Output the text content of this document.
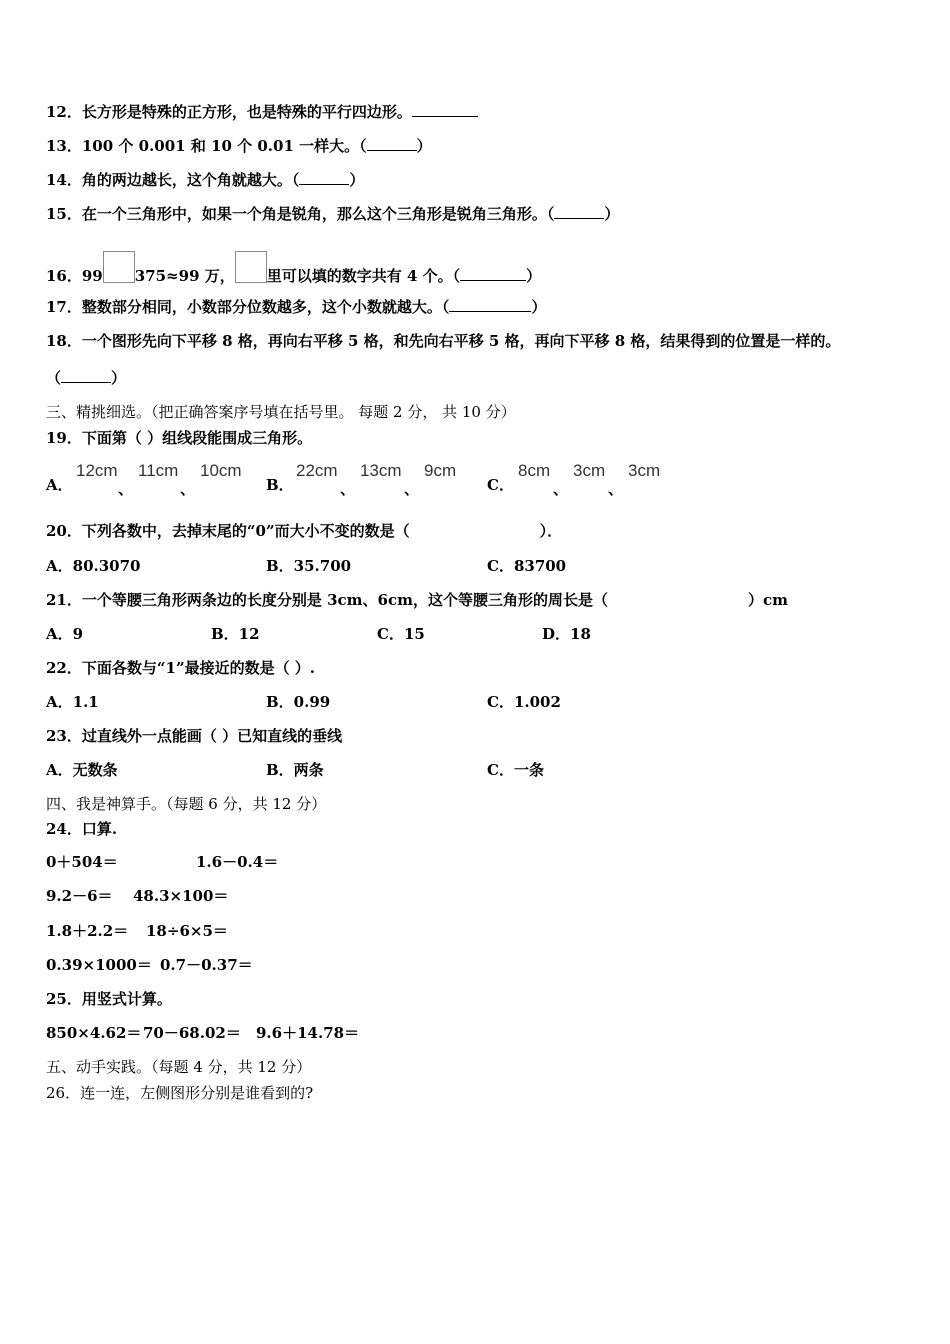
12．长方形是特殊的正方形，也是特殊的平行四边形。
13．100 个 0.001 和 10 个 0.01 一样大。（	）
14．角的两边越长，这个角就越大。（	）
15．在一个三角形中，如果一个角是锐角，那么这个三角形是锐角三角形。（	）
16．99 375≈99 万， 里可以填的数字共有 4 个。（	）
17．整数部分相同，小数部分位数越多，这个小数就越大。（	）
18．一个图形先向下平移 8 格，再向右平移 5 格，和先向右平移 5 格，再向下平移 8 格，结果得到的位置是一样的。
（	）
三、精挑细选。（把正确答案序号填在括号里。 每题 2 分， 共 10 分）
19．下面第（ ）组线段能围成三角形。
A．
12cm
、
11cm
、
10cm
B．
22cm
、
13cm
、
9cm
C．
8cm
、
3cm
、
3cm
20．下列各数中，去掉末尾的“0”而大小不变的数是（	）．
A．80.3070	B．35.700	C．83700
21．一个等腰三角形两条边的长度分别是 3cm、6cm，这个等腰三角形的周长是（	）cm
A．9	B．12	C．15	D．18
22．下面各数与“1”最接近的数是（ ）.
A．1.1	B．0.99	C．1.002
23．过直线外一点能画（ ）已知直线的垂线
A．无数条	B．两条	C．一条
四、我是神算手。（每题 6 分，共 12 分）
24．口算.
0＋504＝	1.6－0.4＝
9.2－6＝ 48.3×100＝
1.8＋2.2＝ 18÷6×5＝
0.39×1000＝ 0.7－0.37＝
25．用竖式计算。
850×4.62＝ 70－68.02＝ 9.6＋14.78＝
五、动手实践。（每题 4 分，共 12 分）
26．连一连，左侧图形分别是谁看到的?
